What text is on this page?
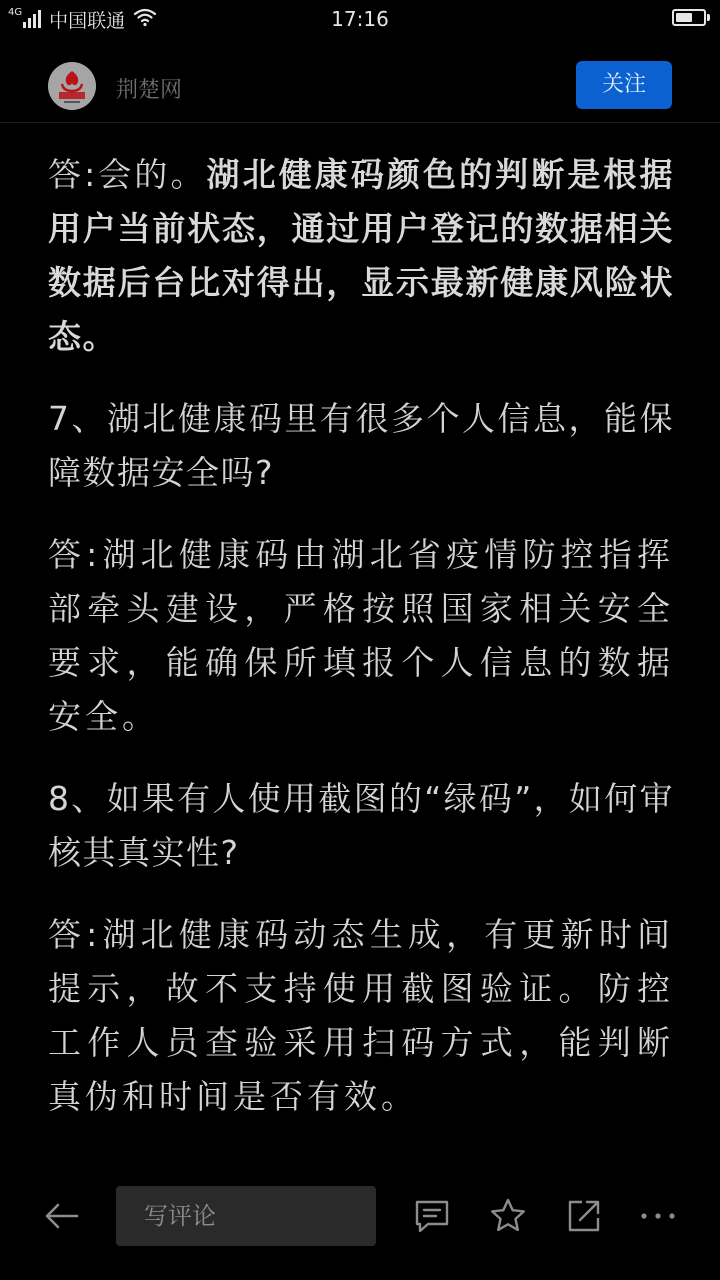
4G 中国联通	17:16
荆楚网	关注

答:会的。湖北健康码颜色的判断是根据用户当前状态，通过用户登记的数据相关数据后台比对得出，显示最新健康风险状态。

7、湖北健康码里有很多个人信息，能保障数据安全吗?

答:湖北健康码由湖北省疫情防控指挥部牵头建设，严格按照国家相关安全要求，能确保所填报个人信息的数据安全。

8、如果有人使用截图的“绿码”，如何审核其真实性?

答:湖北健康码动态生成，有更新时间提示，故不支持使用截图验证。防控工作人员查验采用扫码方式，能判断真伪和时间是否有效。

写评论
